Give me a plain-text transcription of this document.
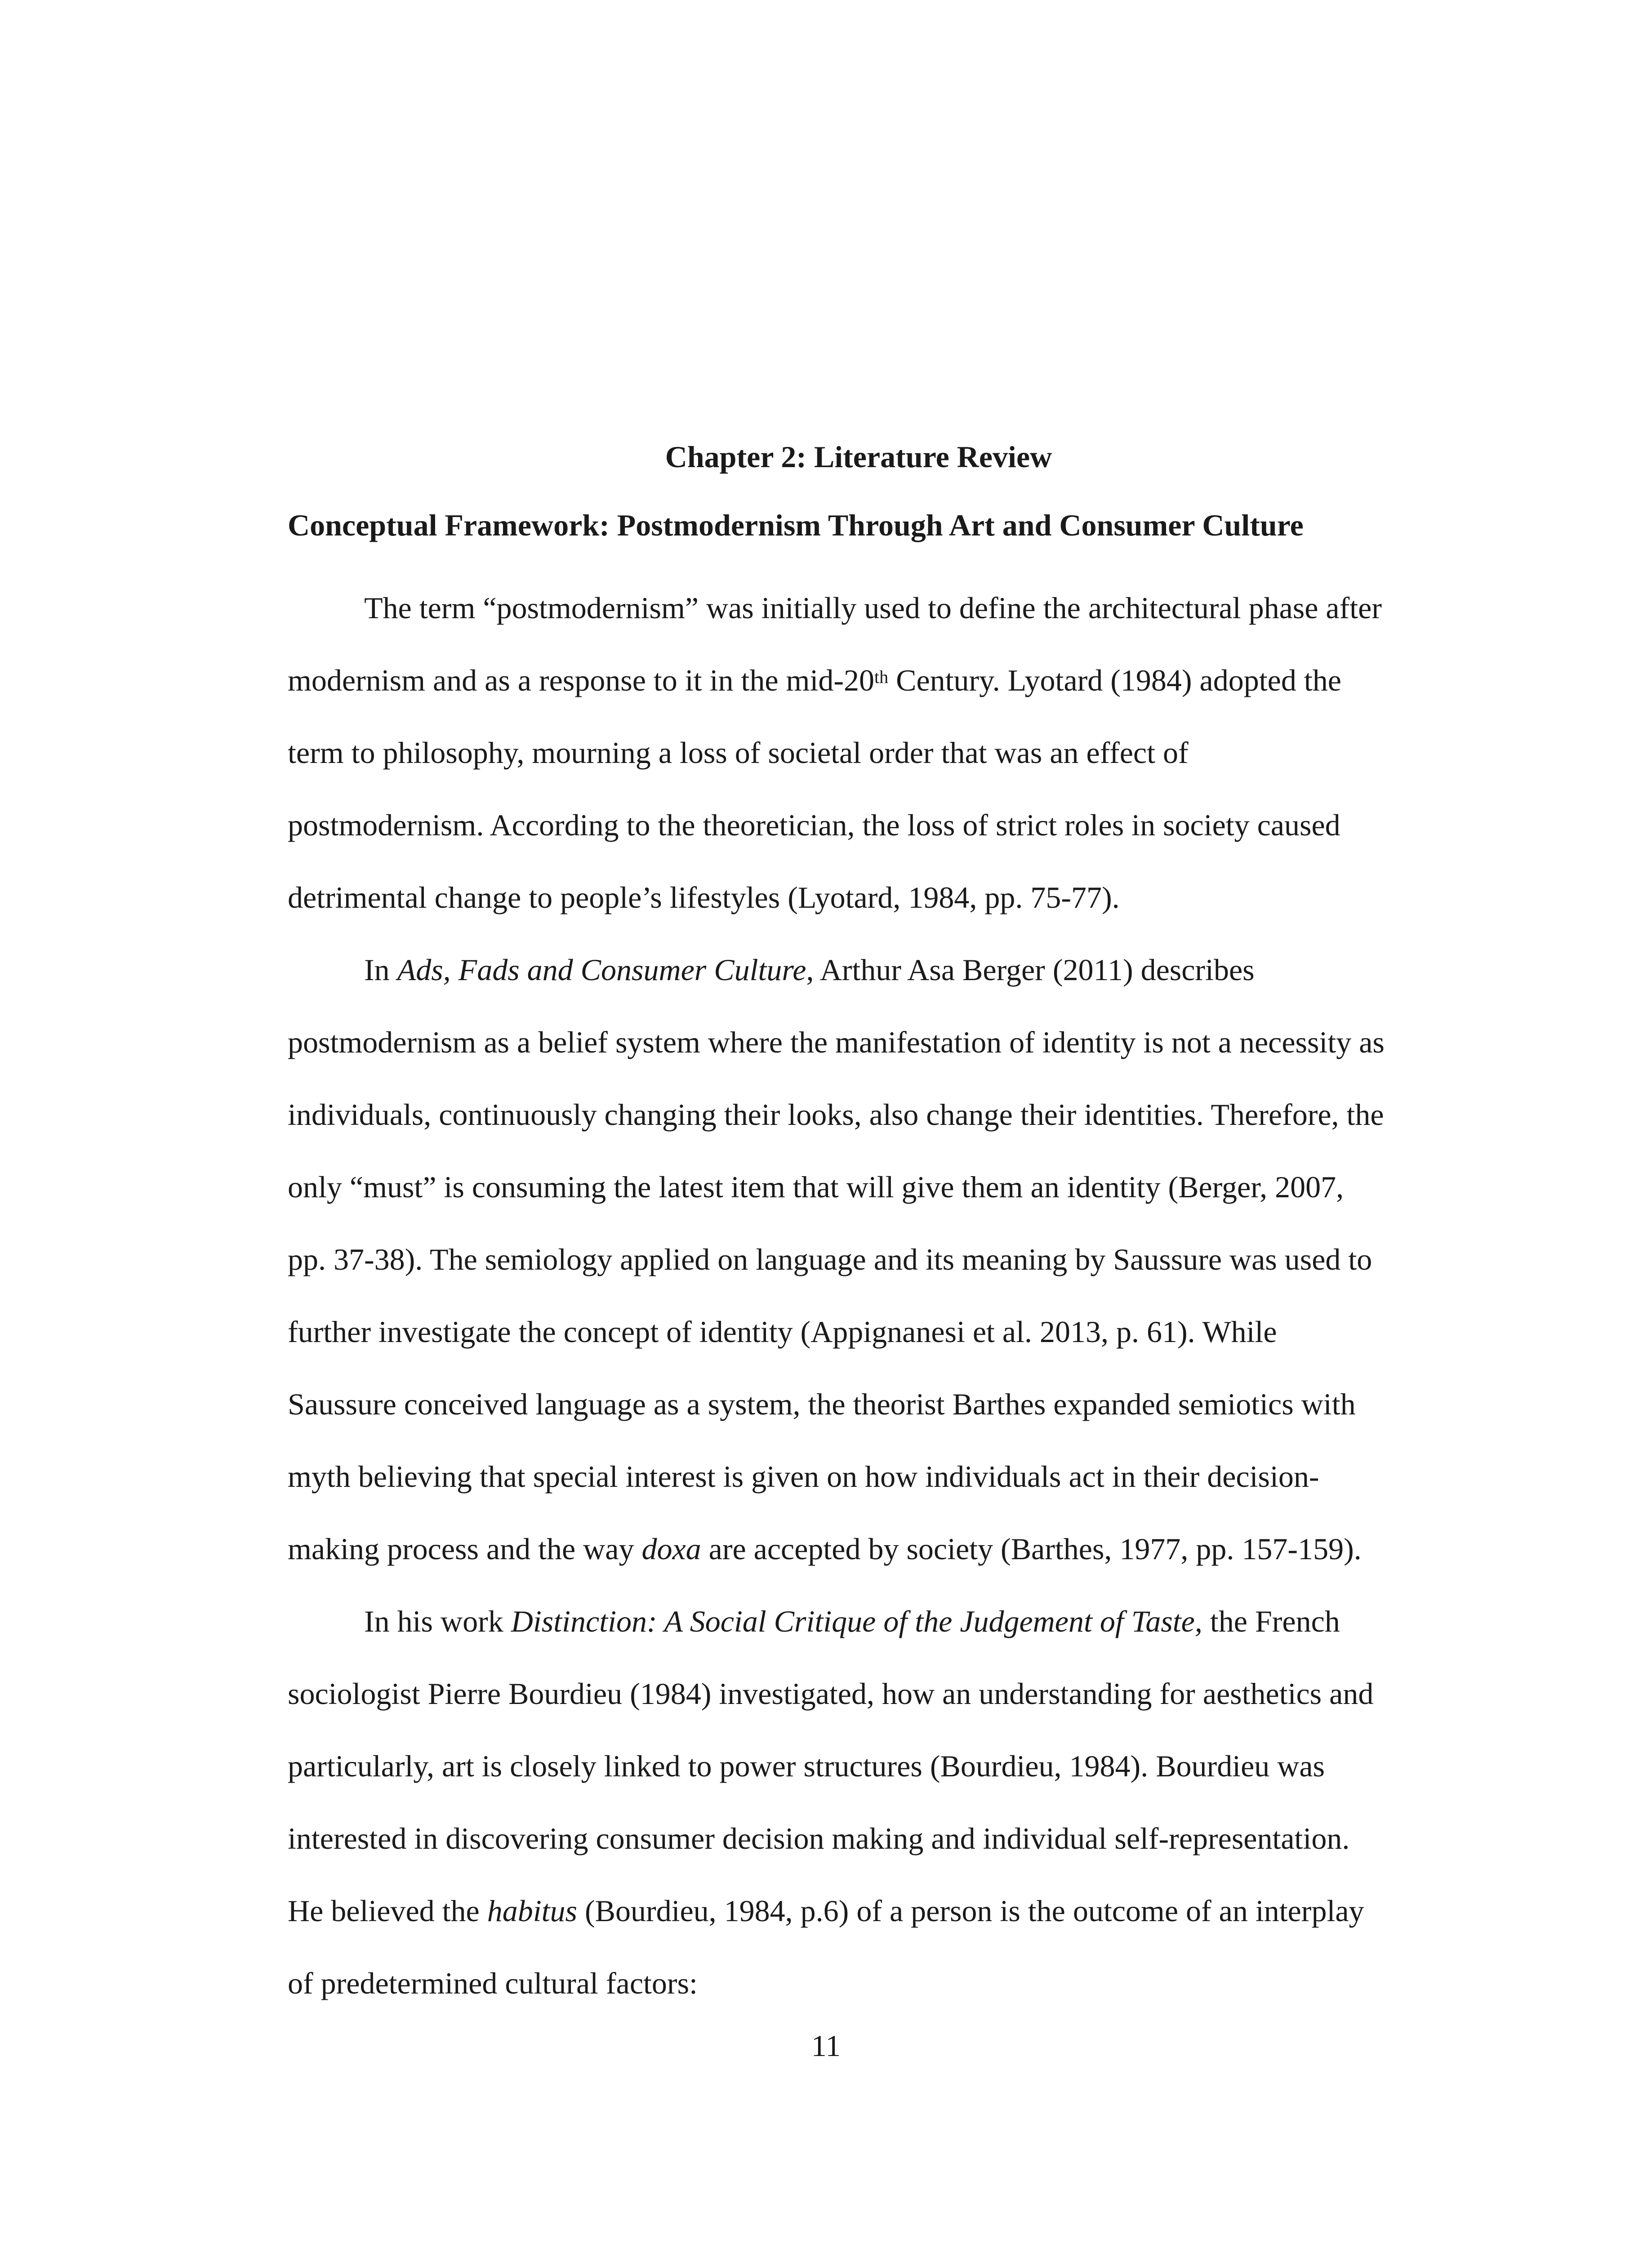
Chapter 2: Literature Review
Conceptual Framework: Postmodernism Through Art and Consumer Culture
The term “postmodernism” was initially used to define the architectural phase after
modernism and as a response to it in the mid-20th Century. Lyotard (1984) adopted the
term to philosophy, mourning a loss of societal order that was an effect of
postmodernism. According to the theoretician, the loss of strict roles in society caused
detrimental change to people’s lifestyles (Lyotard, 1984, pp. 75-77).
In Ads, Fads and Consumer Culture, Arthur Asa Berger (2011) describes
postmodernism as a belief system where the manifestation of identity is not a necessity as
individuals, continuously changing their looks, also change their identities. Therefore, the
only “must” is consuming the latest item that will give them an identity (Berger, 2007,
pp. 37-38). The semiology applied on language and its meaning by Saussure was used to
further investigate the concept of identity (Appignanesi et al. 2013, p. 61). While
Saussure conceived language as a system, the theorist Barthes expanded semiotics with
myth believing that special interest is given on how individuals act in their decision-
making process and the way doxa are accepted by society (Barthes, 1977, pp. 157-159).
In his work Distinction: A Social Critique of the Judgement of Taste, the French
sociologist Pierre Bourdieu (1984) investigated, how an understanding for aesthetics and
particularly, art is closely linked to power structures (Bourdieu, 1984). Bourdieu was
interested in discovering consumer decision making and individual self-representation.
He believed the habitus (Bourdieu, 1984, p.6) of a person is the outcome of an interplay
of predetermined cultural factors:
11
